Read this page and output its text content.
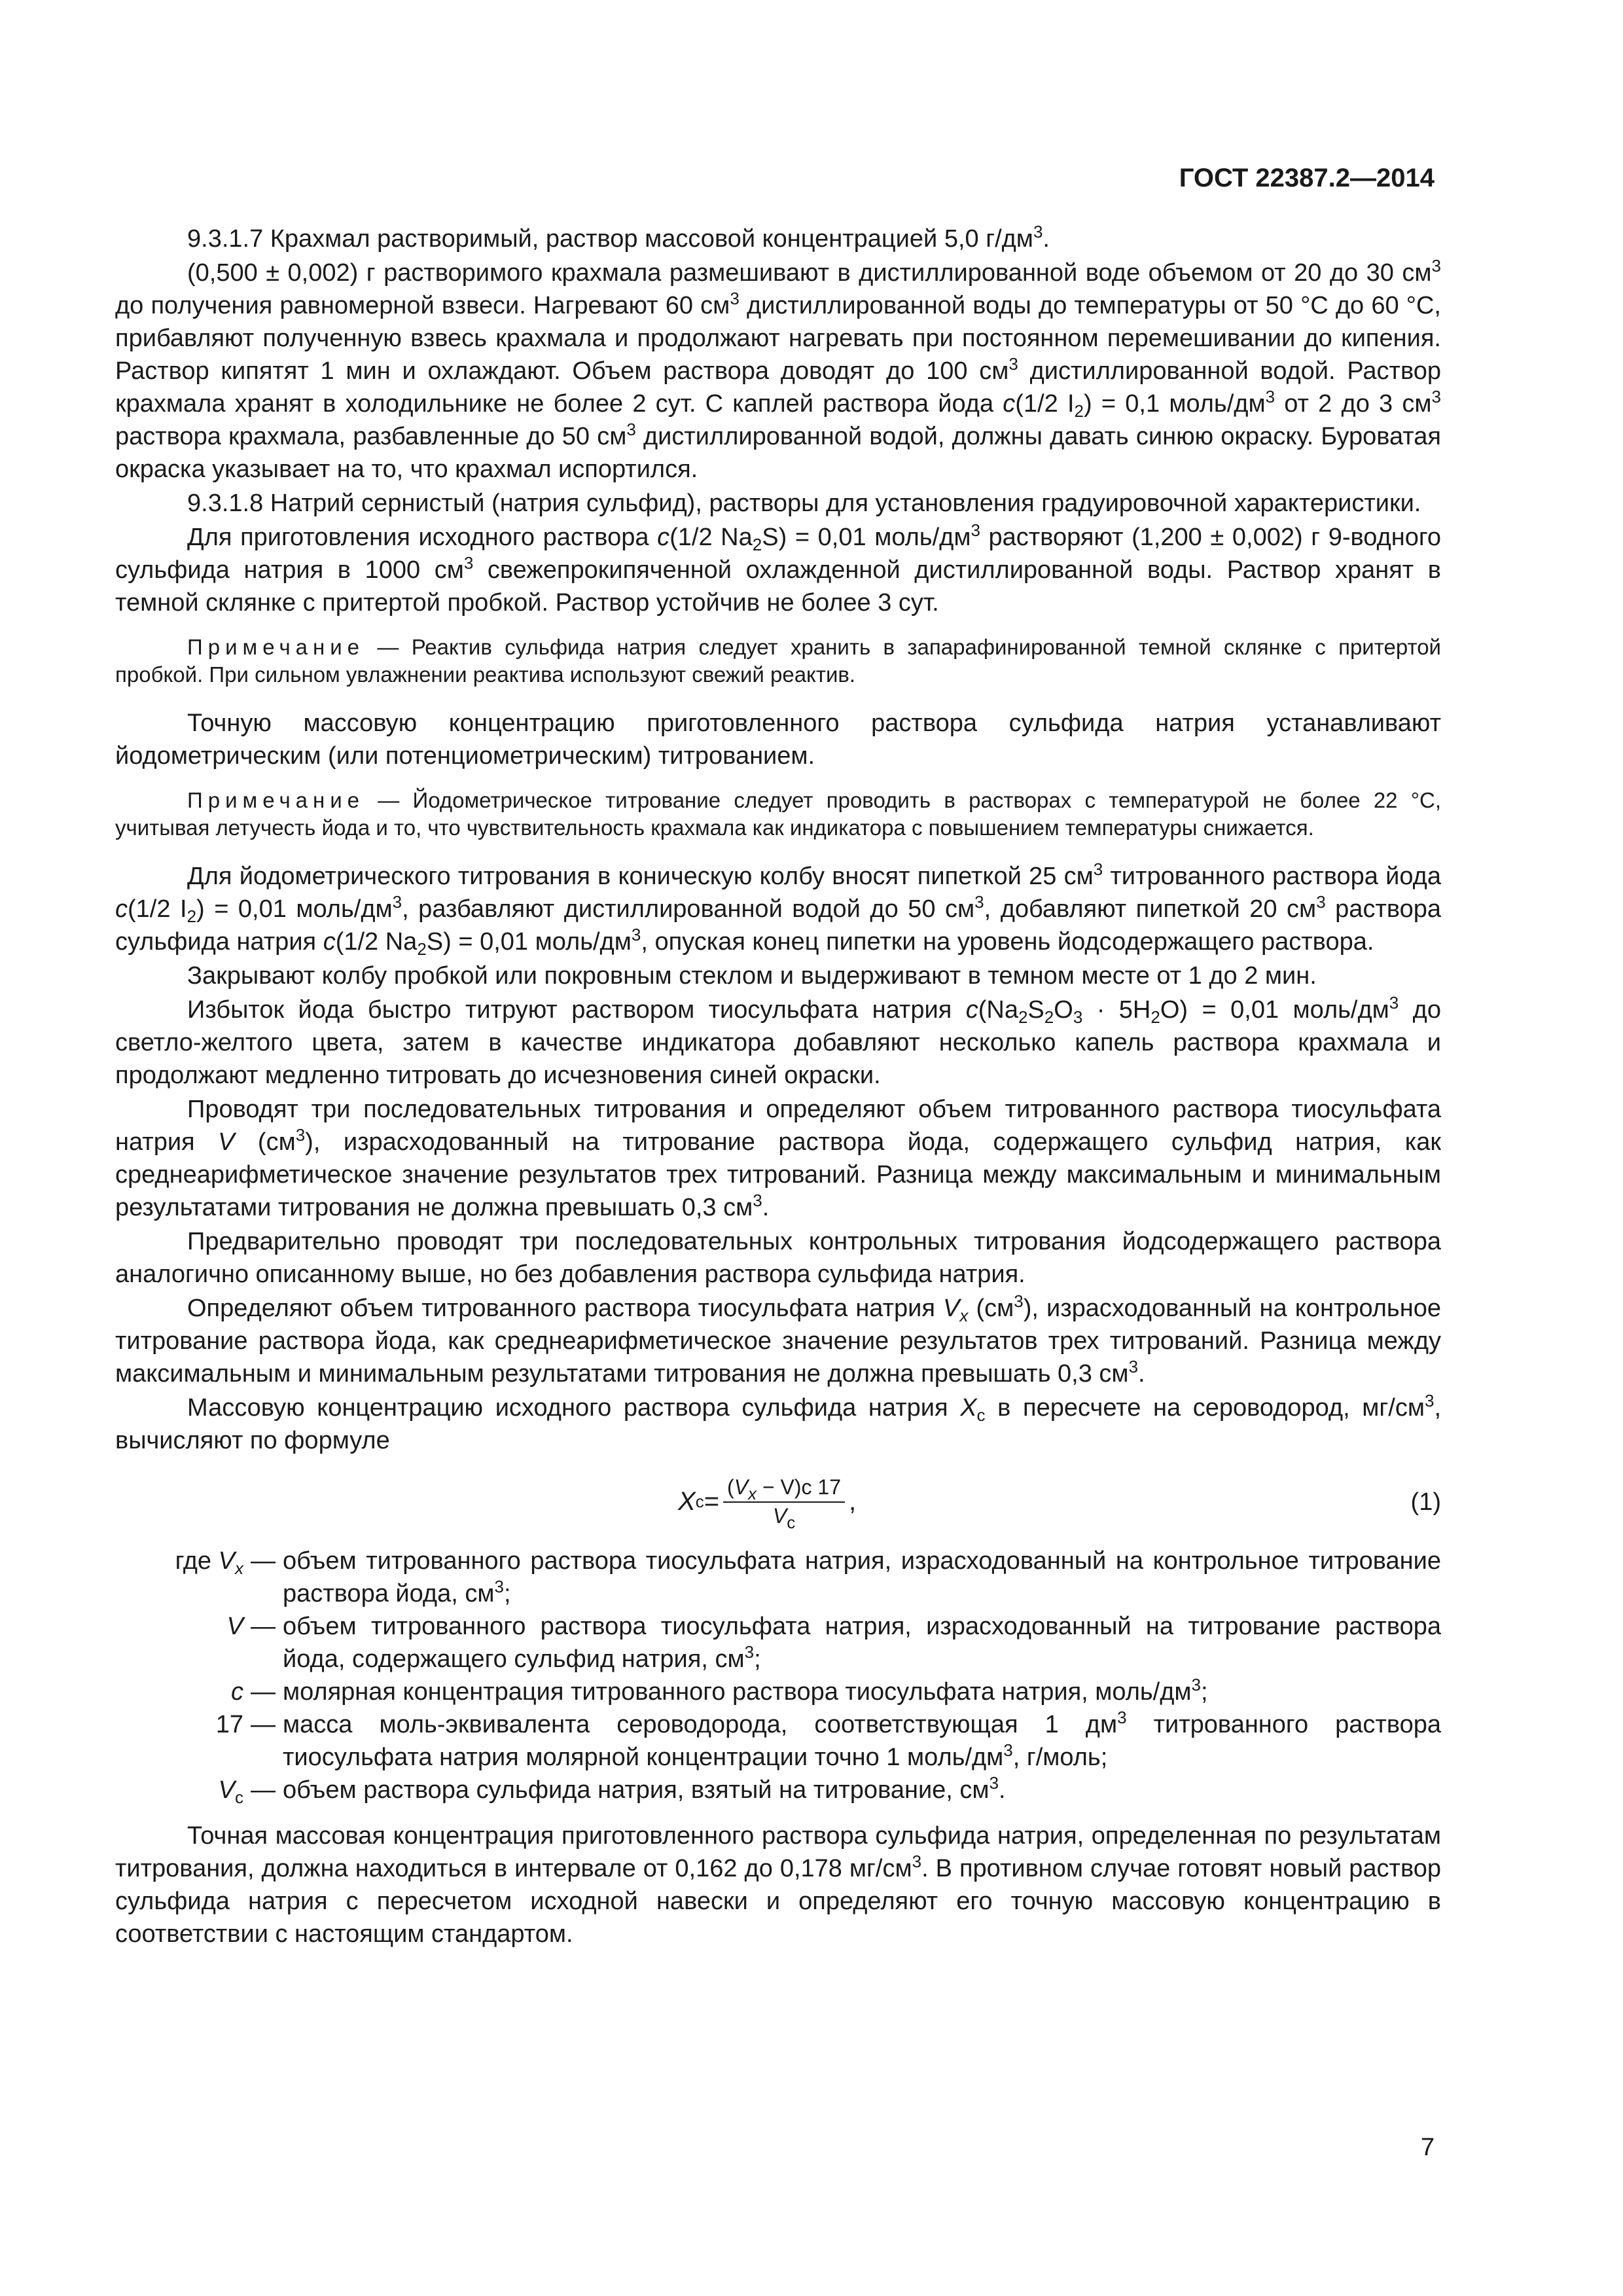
ГОСТ 22387.2—2014

9.3.1.7 Крахмал растворимый, раствор массовой концентрацией 5,0 $г/дм^3$.

(0,500 ± 0,002) г растворимого крахмала размешивают в дистиллированной воде объемом от 20 до 30 $см^3$ до получения равномерной взвеси. Нагревают 60 $см^3$ дистиллированной воды до температуры от 50 °С до 60 °С, прибавляют полученную взвесь крахмала и продолжают нагревать при постоянном перемешивании до кипения. Раствор кипятят 1 мин и охлаждают. Объем раствора доводят до 100 $см^3$ дистиллированной водой. Раствор крахмала хранят в холодильнике не более 2 сут. С каплей раствора йода c(1/2 $I_2) = 0,1$ моль/$дм^3$ от 2 до 3 $см^3$ раствора крахмала, разбавленные до 50 $см^3$ дистиллированной водой, должны давать синюю окраску. Буроватая окраска указывает на то, что крахмал испортился.

9.3.1.8 Натрий сернистый (натрия сульфид), растворы для установления градуировочной характеристики.

Для приготовления исходного раствора c(1/2 $Na_2S) = 0,01$ моль/$дм^3$ растворяют (1,200 ± 0,002) г 9-водного сульфида натрия в 1000 $см^3$ свежепрокипяченной охлажденной дистиллированной воды. Раствор хранят в темной склянке с притертой пробкой. Раствор устойчив не более 3 сут.

Примечание — Реактив сульфида натрия следует хранить в запарафинированной темной склянке с притертой пробкой. При сильном увлажнении реактива используют свежий реактив.

Точную массовую концентрацию приготовленного раствора сульфида натрия устанавливают йодометрическим (или потенциометрическим) титрованием.

Примечание — Йодометрическое титрование следует проводить в растворах с температурой не более 22 °С, учитывая летучесть йода и то, что чувствительность крахмала как индикатора с повышением температуры снижается.

Для йодометрического титрования в коническую колбу вносят пипеткой 25 $см^3$ титрованного раствора йода c(1/2 $I_2) = 0,01$ моль/$дм^3$, разбавляют дистиллированной водой до 50 $см^3$, добавляют пипеткой 20 $см^3$ раствора сульфида натрия c(1/2 $Na_2S) = 0,01$ моль/$дм^3$, опуская конец пипетки на уровень йодсодержащего раствора.

Закрывают колбу пробкой или покровным стеклом и выдерживают в темном месте от 1 до 2 мин.

Избыток йода быстро титруют раствором тиосульфата натрия $c(Na_2S_2O_3 \cdot 5H_2O) = 0,01$ моль/$дм^3$ до светло-желтого цвета, затем в качестве индикатора добавляют несколько капель раствора крахмала и продолжают медленно титровать до исчезновения синей окраски.

Проводят три последовательных титрования и определяют объем титрованного раствора тиосульфата натрия V $(см^3)$, израсходованный на титрование раствора йода, содержащего сульфид натрия, как среднеарифметическое значение результатов трех титрований. Разница между максимальным и минимальным результатами титрования не должна превышать 0,3 $см^3$.

Предварительно проводят три последовательных контрольных титрования йодсодержащего раствора аналогично описанному выше, но без добавления раствора сульфида натрия.

Определяют объем титрованного раствора тиосульфата натрия $V_x$ $(см^3)$, израсходованный на контрольное титрование раствора йода, как среднеарифметическое значение результатов трех титрований. Разница между максимальным и минимальным результатами титрования не должна превышать 0,3 $см^3$.

Массовую концентрацию исходного раствора сульфида натрия $X_c$ в пересчете на сероводород, $мг/см^3$, вычисляют по формуле

X $c = \frac{(V_x - V)c 17}{V_c}$ ,	(1)
где $V_x$ — объем титрованного раствора тиосульфата натрия, израсходованный на контрольное титрование раствора йода, $см^3$;
V — объем титрованного раствора тиосульфата натрия, израсходованный на титрование раствора йода, содержащего сульфид натрия, $см^3$;
c — молярная концентрация титрованного раствора тиосульфата натрия, моль/$дм^3$;
17 — масса моль-эквивалента сероводорода, соответствующая 1 $дм^3$ титрованного раствора тиосульфата натрия молярной концентрации точно 1 моль/$дм^3$, г/моль;
$V_c$ — объем раствора сульфида натрия, взятый на титрование, $см^3$.

Точная массовая концентрация приготовленного раствора сульфида натрия, определенная по результатам титрования, должна находиться в интервале от 0,162 до 0,178 $мг/см^3$. В противном случае готовят новый раствор сульфида натрия с пересчетом исходной навески и определяют его точную массовую концентрацию в соответствии с настоящим стандартом.

7
